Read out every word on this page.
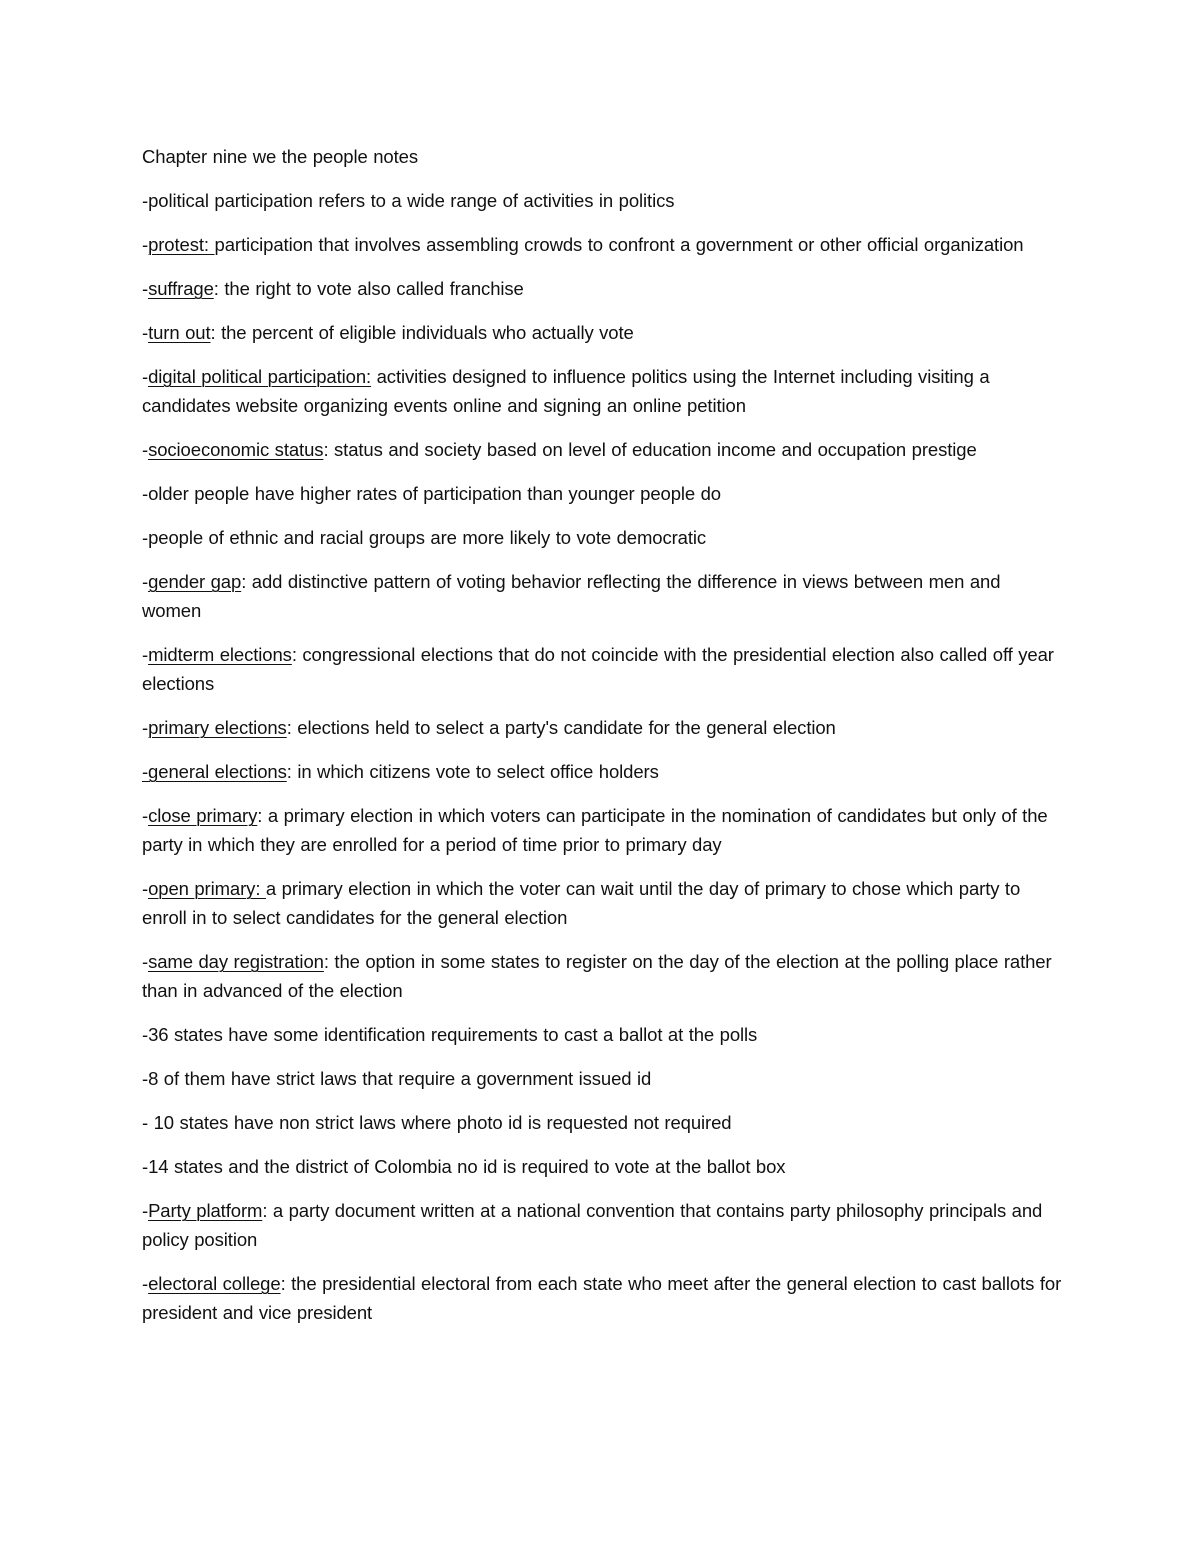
Chapter nine we the people notes

-political participation refers to a wide range of activities in politics

-protest: participation that involves assembling crowds to confront a government or other official organization

-suffrage: the right to vote also called franchise

-turn out: the percent of eligible individuals who actually vote

-digital political participation: activities designed to influence politics using the Internet including visiting a candidates website organizing events online and signing an online petition

-socioeconomic status: status and society based on level of education income and occupation prestige

-older people have higher rates of participation than younger people do

-people of ethnic and racial groups are more likely to vote democratic

-gender gap: add distinctive pattern of voting behavior reflecting the difference in views between men and women

-midterm elections: congressional elections that do not coincide with the presidential election also called off year elections

-primary elections: elections held to select a party's candidate for the general election

-general elections: in which citizens vote to select office holders

-close primary: a primary election in which voters can participate in the nomination of candidates but only of the party in which they are enrolled for a period of time prior to primary day

-open primary: a primary election in which the voter can wait until the day of primary to chose which party to enroll in to select candidates for the general election

-same day registration: the option in some states to register on the day of the election at the polling place rather than in advanced of the election

-36 states have some identification requirements to cast a ballot at the polls

-8 of them have strict laws that require a government issued id

- 10 states have non strict laws where photo id is requested not required

-14 states and the district of Colombia no id is required to vote at the ballot box

-Party platform: a party document written at a national convention that contains party philosophy principals and policy position

-electoral college: the presidential electoral from each state who meet after the general election to cast ballots for president and vice president
